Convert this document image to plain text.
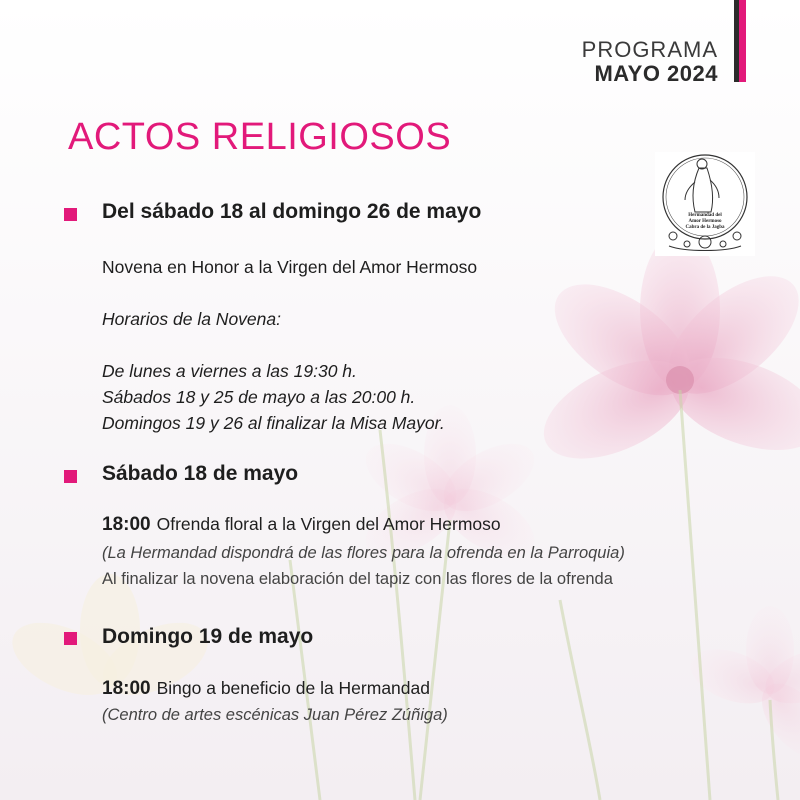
PROGRAMA
MAYO 2024
ACTOS RELIGIOSOS
Hermandad del
Amor Hermoso
Cabra de la Jagba
Del sábado 18 al domingo 26 de mayo
Novena en Honor a la Virgen del Amor Hermoso
Horarios de la Novena:
De lunes a viernes a las 19:30 h.
Sábados 18 y 25 de mayo a las 20:00 h.
Domingos 19 y 26 al finalizar la Misa Mayor.
Sábado 18 de mayo
18:00 Ofrenda floral a la Virgen del Amor Hermoso
(La Hermandad dispondrá de las flores para la ofrenda en la Parroquia)
Al finalizar la novena elaboración del tapiz con las flores de la ofrenda
Domingo 19 de mayo
18:00 Bingo a beneficio de la Hermandad
(Centro de artes escénicas Juan Pérez Zúñiga)
